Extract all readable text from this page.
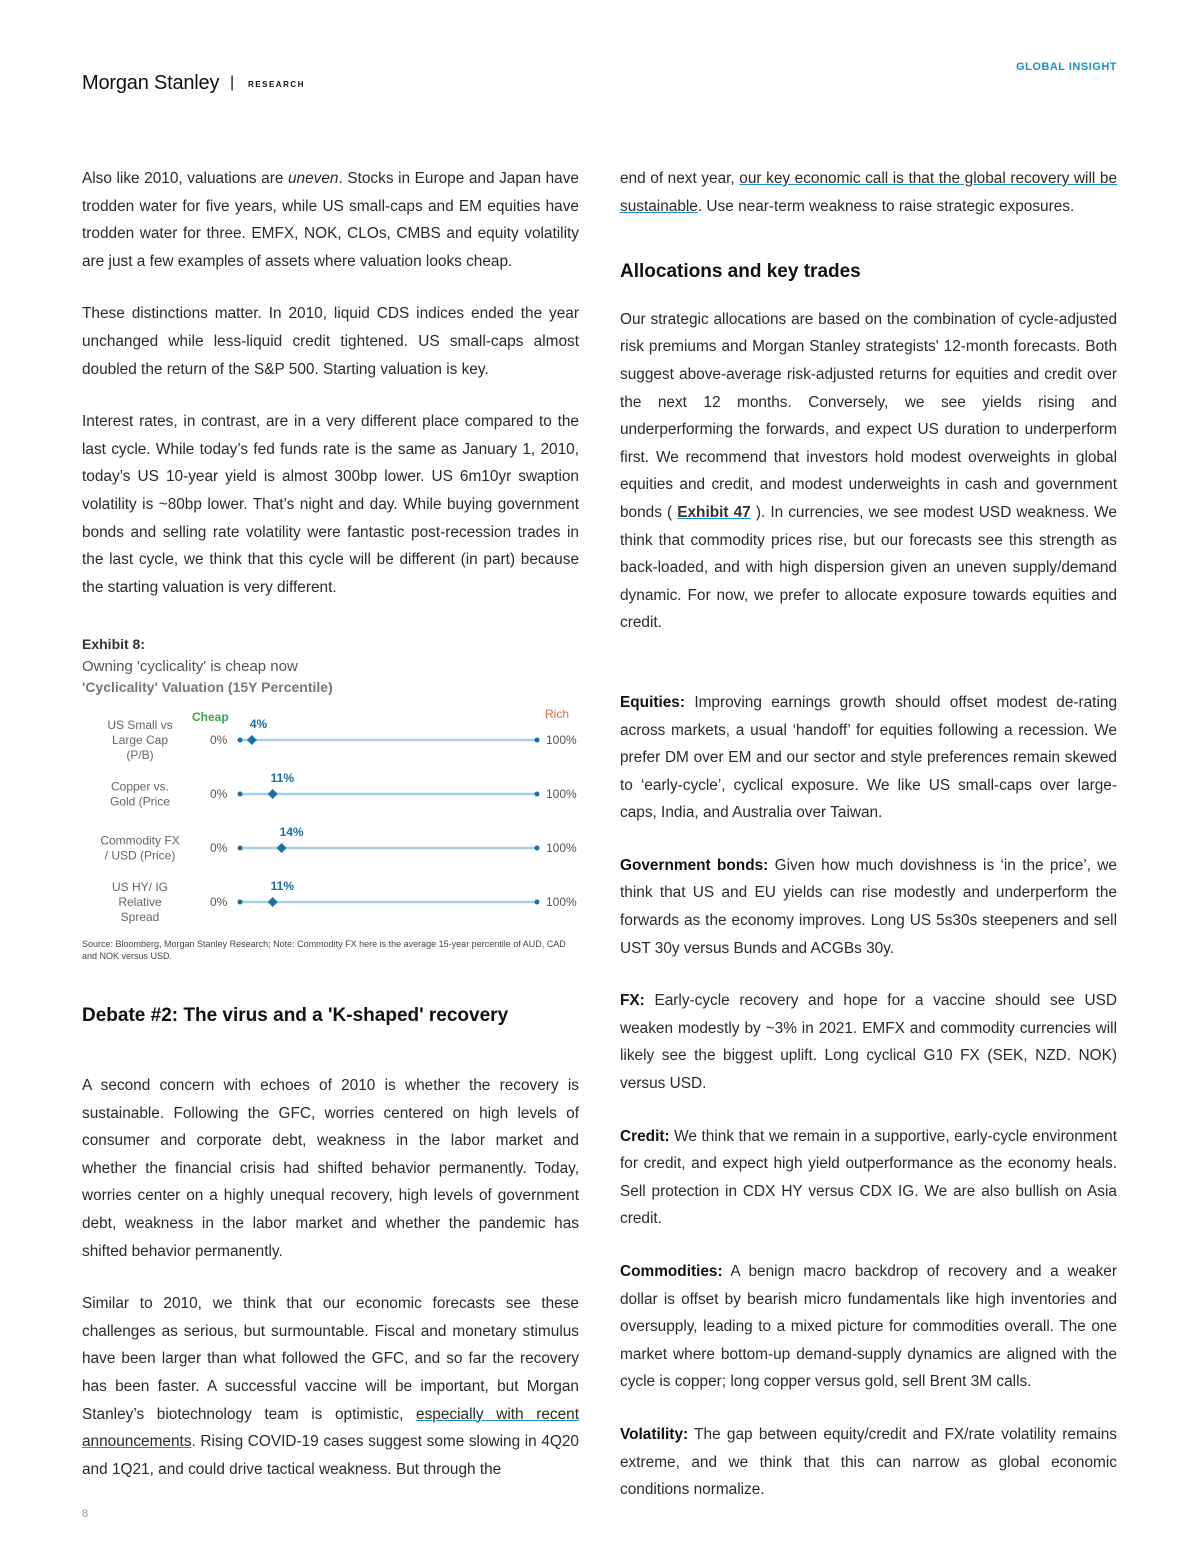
Morgan Stanley | RESEARCH
GLOBAL INSIGHT

Also like 2010, valuations are uneven. Stocks in Europe and Japan have trodden water for five years, while US small-caps and EM equities have trodden water for three. EMFX, NOK, CLOs, CMBS and equity volatility are just a few examples of assets where valuation looks cheap.

These distinctions matter. In 2010, liquid CDS indices ended the year unchanged while less-liquid credit tightened. US small-caps almost doubled the return of the S&P 500. Starting valuation is key.

Interest rates, in contrast, are in a very different place compared to the last cycle. While today’s fed funds rate is the same as January 1, 2010, today’s US 10-year yield is almost 300bp lower. US 6m10yr swaption volatility is ~80bp lower. That’s night and day. While buying government bonds and selling rate volatility were fantastic post-recession trades in the last cycle, we think that this cycle will be different (in part) because the starting valuation is very different.

Exhibit 8:
Owning 'cyclicality' is cheap now
'Cyclicality' Valuation (15Y Percentile)
Cheap	Rich
US Small vs
Large Cap
(P/B)
0%	100%
4%
Copper vs.
Gold (Price
0%	100%
11%
Commodity FX
/ USD (Price)
0%	100%
14%
US HY/ IG
Relative
Spread
0%	100%
11%
Source: Bloomberg, Morgan Stanley Research; Note: Commodity FX here is the average 15-year percentile of AUD, CAD and NOK versus USD.
Debate #2: The virus and a 'K-shaped' recovery

A second concern with echoes of 2010 is whether the recovery is sustainable. Following the GFC, worries centered on high levels of consumer and corporate debt, weakness in the labor market and whether the financial crisis had shifted behavior permanently. Today, worries center on a highly unequal recovery, high levels of government debt, weakness in the labor market and whether the pandemic has shifted behavior permanently.

Similar to 2010, we think that our economic forecasts see these challenges as serious, but surmountable. Fiscal and monetary stimulus have been larger than what followed the GFC, and so far the recovery has been faster. A successful vaccine will be important, but Morgan Stanley’s biotechnology team is optimistic, especially with recent announcements. Rising COVID-19 cases suggest some slowing in 4Q20 and 1Q21, and could drive tactical weakness. But through the

end of next year, our key economic call is that the global recovery will be sustainable. Use near-term weakness to raise strategic exposures.

Allocations and key trades

Our strategic allocations are based on the combination of cycle-adjusted risk premiums and Morgan Stanley strategists' 12-month forecasts. Both suggest above-average risk-adjusted returns for equities and credit over the next 12 months. Conversely, we see yields rising and underperforming the forwards, and expect US duration to underperform first. We recommend that investors hold modest overweights in global equities and credit, and modest underweights in cash and government bonds ( Exhibit 47 ). In currencies, we see modest USD weakness. We think that commodity prices rise, but our forecasts see this strength as back-loaded, and with high dispersion given an uneven supply/demand dynamic. For now, we prefer to allocate exposure towards equities and credit.

Equities: Improving earnings growth should offset modest de-rating across markets, a usual ‘handoff’ for equities following a recession. We prefer DM over EM and our sector and style preferences remain skewed to ‘early-cycle’, cyclical exposure. We like US small-caps over large-caps, India, and Australia over Taiwan.

Government bonds: Given how much dovishness is ‘in the price’, we think that US and EU yields can rise modestly and underperform the forwards as the economy improves. Long US 5s30s steepeners and sell UST 30y versus Bunds and ACGBs 30y.

FX: Early-cycle recovery and hope for a vaccine should see USD weaken modestly by ~3% in 2021. EMFX and commodity currencies will likely see the biggest uplift. Long cyclical G10 FX (SEK, NZD. NOK) versus USD.

Credit: We think that we remain in a supportive, early-cycle environment for credit, and expect high yield outperformance as the economy heals. Sell protection in CDX HY versus CDX IG. We are also bullish on Asia credit.

Commodities: A benign macro backdrop of recovery and a weaker dollar is offset by bearish micro fundamentals like high inventories and oversupply, leading to a mixed picture for commodities overall. The one market where bottom-up demand-supply dynamics are aligned with the cycle is copper; long copper versus gold, sell Brent 3M calls.

Volatility: The gap between equity/credit and FX/rate volatility remains extreme, and we think that this can narrow as global economic conditions normalize.

8
